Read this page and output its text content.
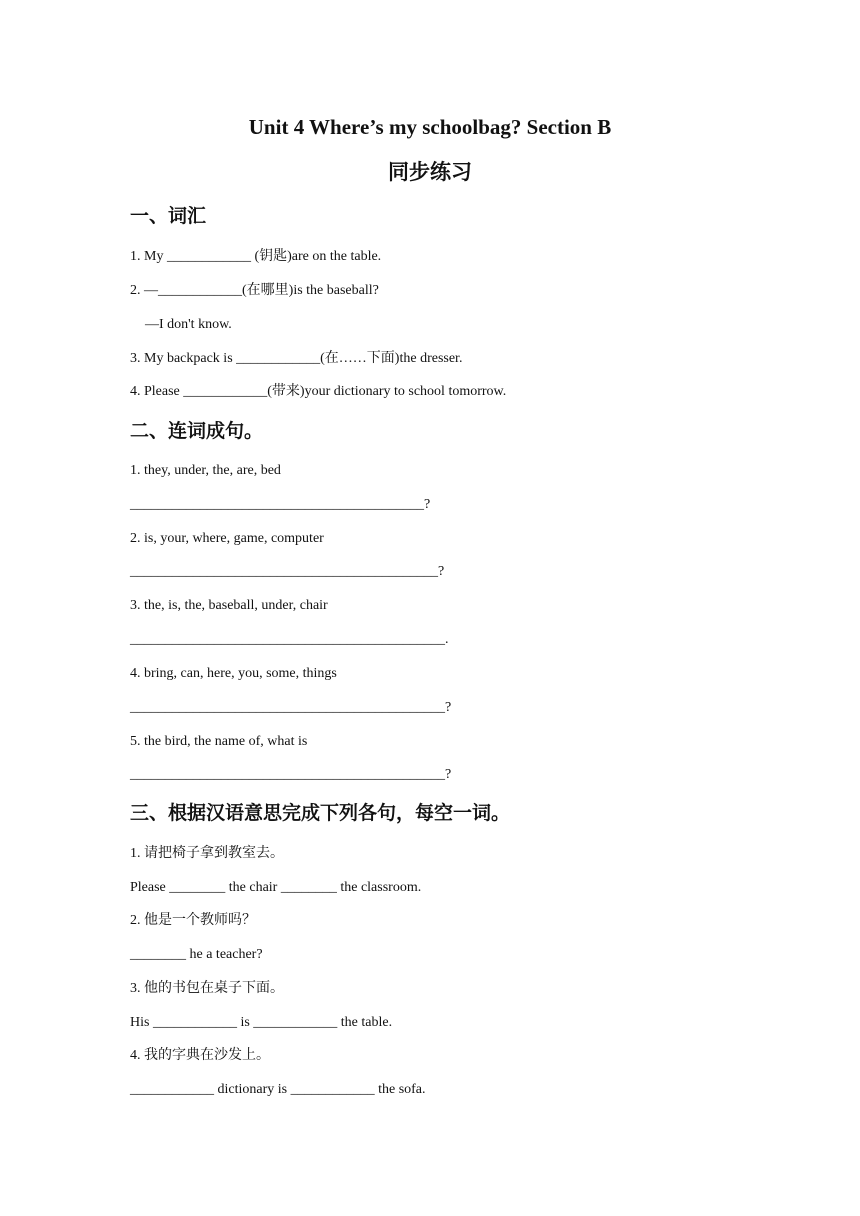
Unit 4 Where’s my schoolbag? Section B
同步练习
一、词汇
1. My ____________ (钥匙)are on the table.
2. —____________(在哪里)is the baseball?
—I don't know.
3. My backpack is ____________(在……下面)the dresser.
4. Please ____________(带来)your dictionary to school tomorrow.
二、连词成句。
1. they, under, the, are, bed
__________________________________________?
2. is, your, where, game, computer
____________________________________________?
3. the, is, the, baseball, under, chair
_____________________________________________.
4. bring, can, here, you, some, things
_____________________________________________?
5. the bird, the name of, what is
_____________________________________________?
三、根据汉语意思完成下列各句，每空一词。
1. 请把椅子拿到教室去。
Please ________ the chair ________ the classroom.
2. 他是一个教师吗？
________ he a teacher?
3. 他的书包在桌子下面。
His ____________ is ____________ the table.
4. 我的字典在沙发上。
____________ dictionary is ____________ the sofa.
